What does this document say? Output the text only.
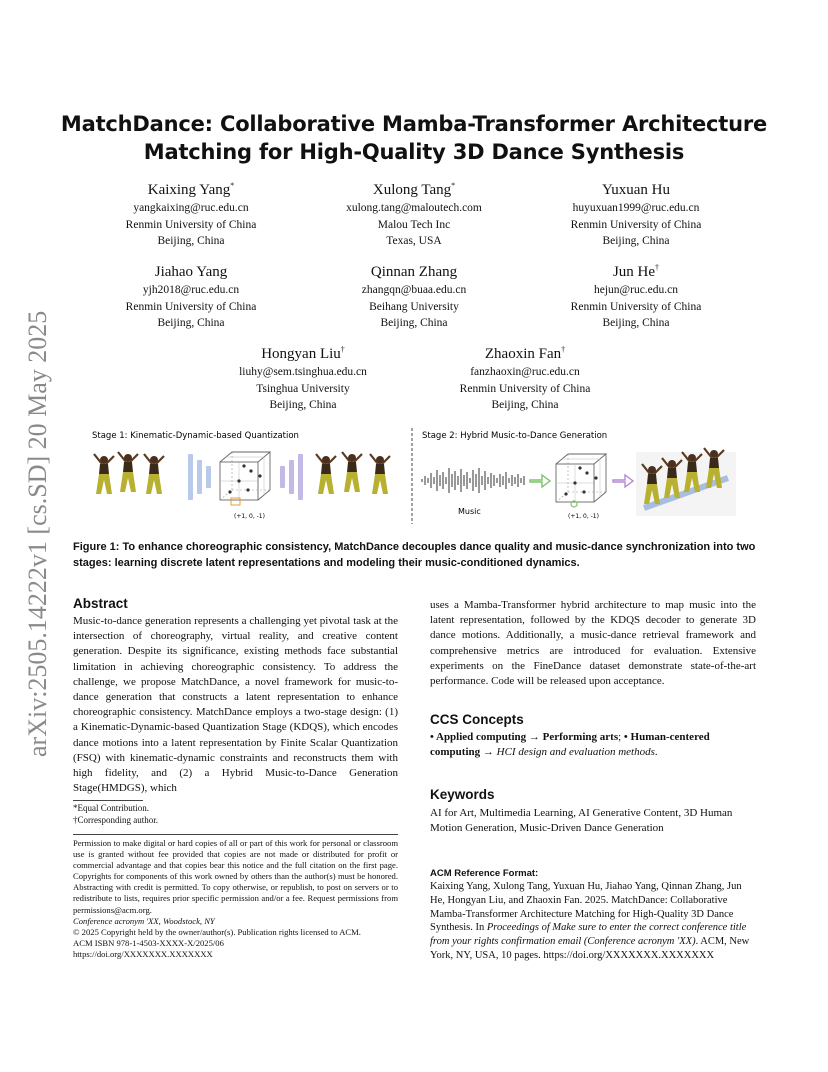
arXiv:2505.14222v1 [cs.SD] 20 May 2025
MatchDance: Collaborative Mamba-Transformer Architecture
Matching for High-Quality 3D Dance Synthesis
Kaixing Yang*
yangkaixing@ruc.edu.cn
Renmin University of China
Beijing, China
Xulong Tang*
xulong.tang@maloutech.com
Malou Tech Inc
Texas, USA
Yuxuan Hu
huyuxuan1999@ruc.edu.cn
Renmin University of China
Beijing, China
Jiahao Yang
yjh2018@ruc.edu.cn
Renmin University of China
Beijing, China
Qinnan Zhang
zhangqn@buaa.edu.cn
Beihang University
Beijing, China
Jun He†
hejun@ruc.edu.cn
Renmin University of China
Beijing, China
Hongyan Liu†
liuhy@sem.tsinghua.edu.cn
Tsinghua University
Beijing, China
Zhaoxin Fan†
fanzhaoxin@ruc.edu.cn
Renmin University of China
Beijing, China
Stage 1: Kinematic-Dynamic-based Quantization	Stage 2: Hybrid Music-to-Dance Generation
(+1, 0, -1)
Music
(+1, 0, -1)
Figure 1: To enhance choreographic consistency, MatchDance decouples dance quality and music-dance synchronization into two stages: learning discrete latent representations and modeling their music-conditioned dynamics.
Abstract
Music-to-dance generation represents a challenging yet pivotal task at the intersection of choreography, virtual reality, and creative content generation. Despite its significance, existing methods face substantial limitation in achieving choreographic consistency. To address the challenge, we propose MatchDance, a novel framework for music-to-dance generation that constructs a latent representation to enhance choreographic consistency. MatchDance employs a two-stage design: (1) a Kinematic-Dynamic-based Quantization Stage (KDQS), which encodes dance motions into a latent representation by Finite Scalar Quantization (FSQ) with kinematic-dynamic constraints and reconstructs them with high fidelity, and (2) a Hybrid Music-to-Dance Generation Stage(HMDGS), which
uses a Mamba-Transformer hybrid architecture to map music into the latent representation, followed by the KDQS decoder to generate 3D dance motions. Additionally, a music-dance retrieval framework and comprehensive metrics are introduced for evaluation. Extensive experiments on the FineDance dataset demonstrate state-of-the-art performance. Code will be released upon acceptance.
CCS Concepts
• Applied computing → Performing arts; • Human-centered computing → HCI design and evaluation methods.
Keywords
AI for Art, Multimedia Learning, AI Generative Content, 3D Human Motion Generation, Music-Driven Dance Generation
*Equal Contribution.
†Corresponding author.
Permission to make digital or hard copies of all or part of this work for personal or classroom use is granted without fee provided that copies are not made or distributed for profit or commercial advantage and that copies bear this notice and the full citation on the first page. Copyrights for components of this work owned by others than the author(s) must be honored. Abstracting with credit is permitted. To copy otherwise, or republish, to post on servers or to redistribute to lists, requires prior specific permission and/or a fee. Request permissions from permissions@acm.org.
Conference acronym 'XX, Woodstock, NY
© 2025 Copyright held by the owner/author(s). Publication rights licensed to ACM.
ACM ISBN 978-1-4503-XXXX-X/2025/06
https://doi.org/XXXXXXX.XXXXXXX
ACM Reference Format:
Kaixing Yang, Xulong Tang, Yuxuan Hu, Jiahao Yang, Qinnan Zhang, Jun He, Hongyan Liu, and Zhaoxin Fan. 2025. MatchDance: Collaborative Mamba-Transformer Architecture Matching for High-Quality 3D Dance Synthesis. In Proceedings of Make sure to enter the correct conference title from your rights confirmation email (Conference acronym 'XX). ACM, New York, NY, USA, 10 pages. https://doi.org/XXXXXXX.XXXXXXX
